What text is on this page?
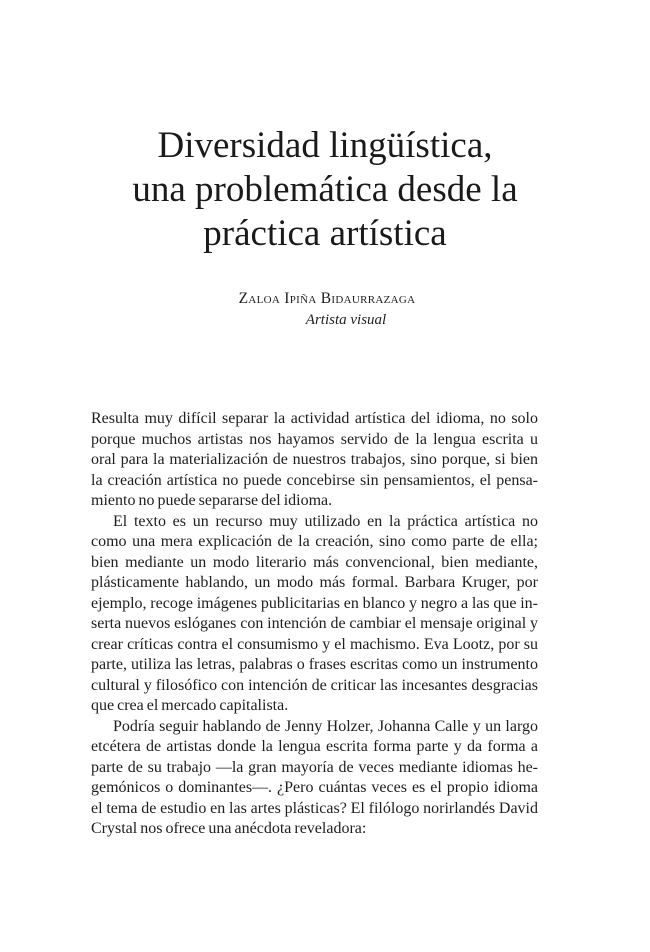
Diversidad lingüística,
una problemática desde la
práctica artística

Zaloa Ipiña Bidaurrazaga

Artista visual

Resulta muy difícil separar la actividad artística del idioma, no solo
porque muchos artistas nos hayamos servido de la lengua escrita u
oral para la materialización de nuestros trabajos, sino porque, si bien
la creación artística no puede concebirse sin pensamientos, el pensa-
miento no puede separarse del idioma.
El texto es un recurso muy utilizado en la práctica artística no
como una mera explicación de la creación, sino como parte de ella;
bien mediante un modo literario más convencional, bien mediante,
plásticamente hablando, un modo más formal. Barbara Kruger, por
ejemplo, recoge imágenes publicitarias en blanco y negro a las que in-
serta nuevos eslóganes con intención de cambiar el mensaje original y
crear críticas contra el consumismo y el machismo. Eva Lootz, por su
parte, utiliza las letras, palabras o frases escritas como un instrumento
cultural y filosófico con intención de criticar las incesantes desgracias
que crea el mercado capitalista.
Podría seguir hablando de Jenny Holzer, Johanna Calle y un largo
etcétera de artistas donde la lengua escrita forma parte y da forma a
parte de su trabajo —la gran mayoría de veces mediante idiomas he-
gemónicos o dominantes—. ¿Pero cuántas veces es el propio idioma
el tema de estudio en las artes plásticas? El filólogo norirlandés David
Crystal nos ofrece una anécdota reveladora:
